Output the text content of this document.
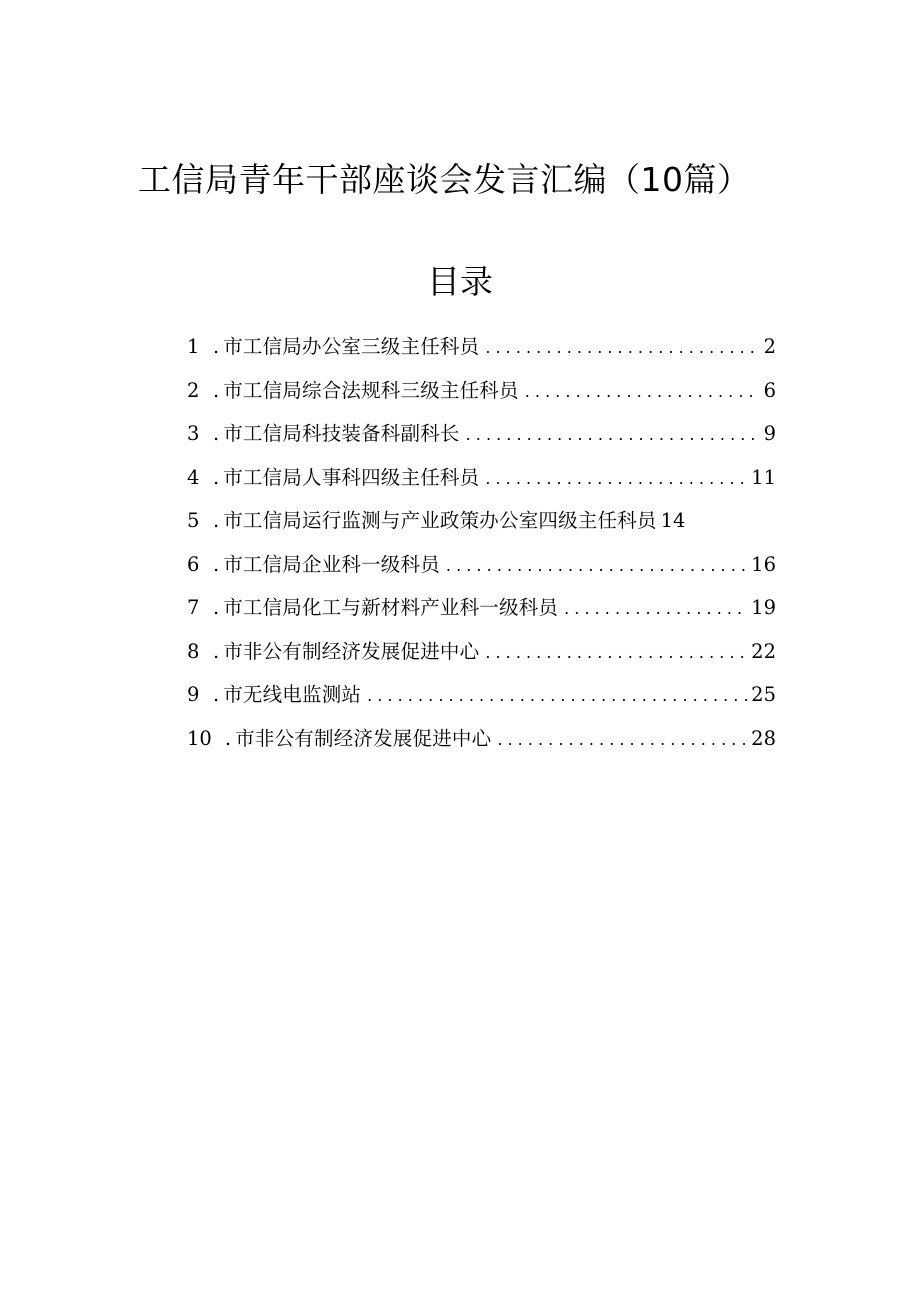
工信局青年干部座谈会发言汇编（10篇）
目录
1 . 市工信局办公室三级主任科员 . . .	2
2 . 市工信局综合法规科三级主任科员 . . .	6
3 . 市工信局科技装备科副科长 . . .	9
4 . 市工信局人事科四级主任科员 . . .	11
5 . 市工信局运行监测与产业政策办公室四级主任科员 14
6 . 市工信局企业科一级科员 . . .	16
7 . 市工信局化工与新材料产业科一级科员 . . .	19
8 . 市非公有制经济发展促进中心 . . .	22
9 . 市无线电监测站 . . .	25
10 . 市非公有制经济发展促进中心 . . .	28
